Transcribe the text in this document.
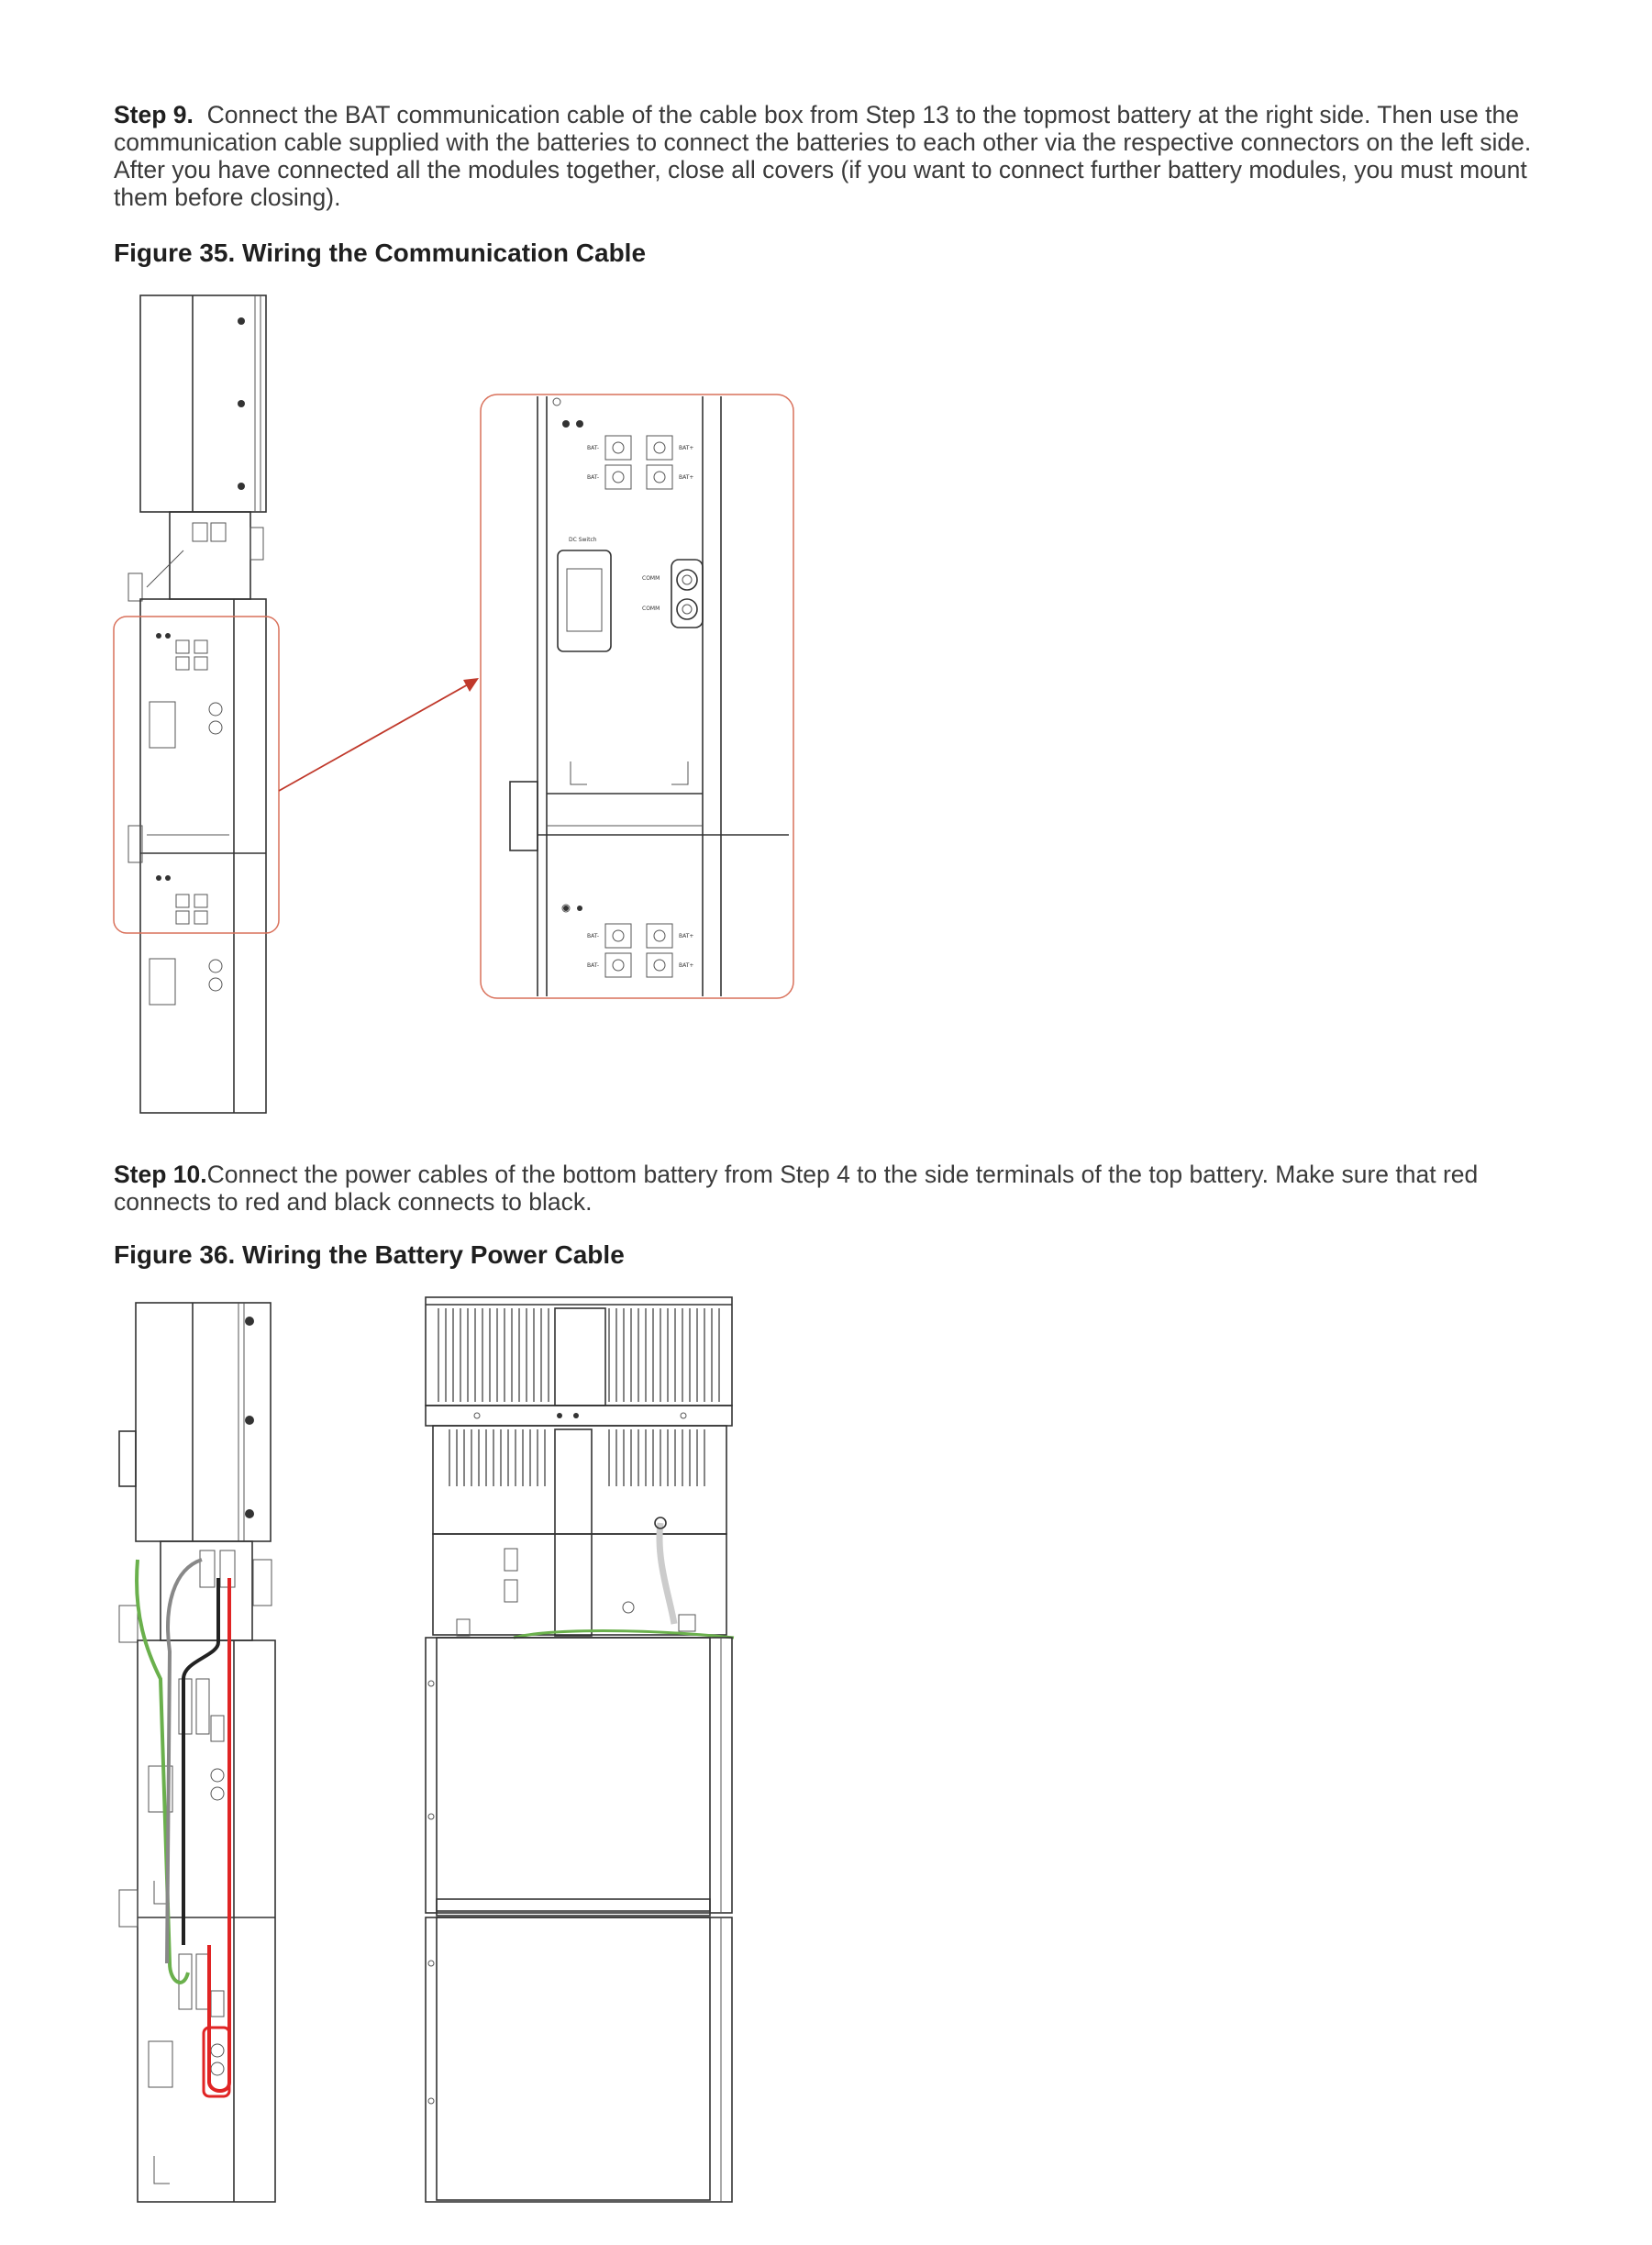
Step 9. Connect the BAT communication cable of the cable box from Step 13 to the topmost battery at the right side. Then use the communication cable supplied with the batteries to connect the batteries to each other via the respective connectors on the left side. After you have connected all the modules together, close all covers (if you want to connect further battery modules, you must mount them before closing).
Figure 35. Wiring the Communication Cable
BAT-	BAT+
BAT-	BAT+
DC Switch
COMM
COMM
BAT-	BAT+
BAT-	BAT+
Step 10.Connect the power cables of the bottom battery from Step 4 to the side terminals of the top battery. Make sure that red connects to red and black connects to black.
Figure 36. Wiring the Battery Power Cable
